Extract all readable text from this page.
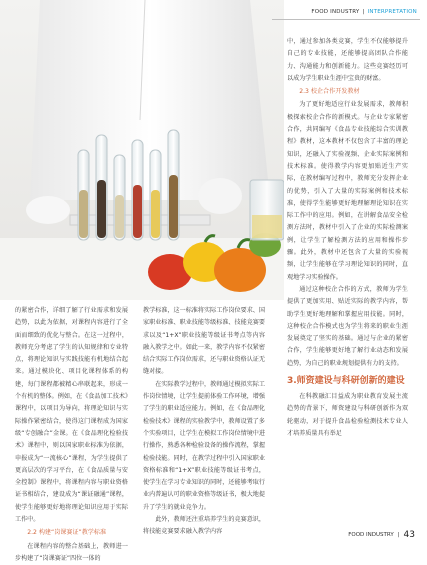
FOOD INDUSTRY | INTERPRETATION

中，通过参加各类竞赛，学生不仅能够提升自己的专业技能，还能够提高团队合作能力、沟通能力和创新能力。这些竞赛经历可以成为学生职业生涯中宝贵的财富。

2.3 校企合作开发教材

为了更好地适应行业发展需求，教师积极探索校企合作的新模式。与企业专家紧密合作，共同编写《食品专业技能综合实训教程》教材，这本教材不仅包含了丰富的理论知识，还融入了实验视频、企业实际案例和技术标准。使得教学内容更加贴近生产实际，在教材编写过程中，教师充分发挥企业的优势，引入了大量的实际案例和技术标准，使得学生能够更好地理解理论知识在实际工作中的应用。例如，在讲解食品安全检测方法时，教材中引入了企业的实际检测案例，让学生了解检测方法的应用和操作步骤。此外，教材中还包含了大量的实验视频，让学生能够在学习理论知识的同时，直观地学习实验操作。

通过这种校企合作的方式，教师为学生提供了更加实用、贴近实际的教学内容，帮助学生更好地理解和掌握应用技能。同时，这种校企合作模式也为学生将来的职业生涯发展奠定了坚实的基础。通过与企业的紧密合作，学生能够更好地了解行业动态和发展趋势，为自己的职业规划提供有力的支持。

3.师资建设与科研创新的建设

在科教融汇目益成为职业教育发展主流趋势的背景下，师资建设与科研创新作为双轮驱动，对于提升食品检验检测技术专业人才培养质量具有举足

的紧密合作，详细了解了行业需求和发展趋势，以此为依据，对课程内容进行了全面而细致的优化与整合。在这一过程中，教师充分考虑了学生的认知规律和专业特点，将理论知识与实践技能有机地结合起来。通过模块化、项目化课程体系的构建，每门课程都被精心串联起来，形成一个有机的整体。例如，在《食品加工技术》课程中，以项目为导向，将理论知识与实际操作紧密结合，使得这门课程成为国家级“专创融合”金课。在《食品理化检验技术》课程中，则以国家职业标准为依据，申报成为“一流核心”课程，为学生提供了更高层次的学习平台，在《食品质量与安全控制》课程中，将课程内容与职业资格证书相结合，建设成为“课证融通”课程，使学生能够更好地将理论知识应用于实际工作中。

2.2 构建“岗课赛证”教学标准

在课程内容的整合基础上，教师进一步构建了“岗课赛证”四位一体的

教学标准，这一标准将实际工作岗位要求、国家职业标准、职业技能等级标准、技能竞赛要求以及“1+X”职业技能等级证书考点等内容融入教学之中。如此一来，教学内容不仅紧密结合实际工作岗位需求，还与职业资格认证无缝对接。

在实际教学过程中，教师通过模拟实际工作岗位情境，让学生提前体验工作环境，增强了学生的职业适应能力。例如，在《食品理化检验技术》课程的实验教学中，教师设置了多个实验项目，让学生在模拟工作岗位情境中进行操作，熟悉各种检验设备的操作流程，掌握检验技能。同时，在教学过程中引入国家职业资格标准和“1+X”职业技能等级证书考点，使学生在学习专业知识的同时，还能够考取行业内普遍认可的职业资格等级证书，极大地提升了学生的就业竞争力。

此外，教师还注重培养学生的竞赛意识，将技能竞赛要求融入教学内容	FOOD INDUSTRY | 43
